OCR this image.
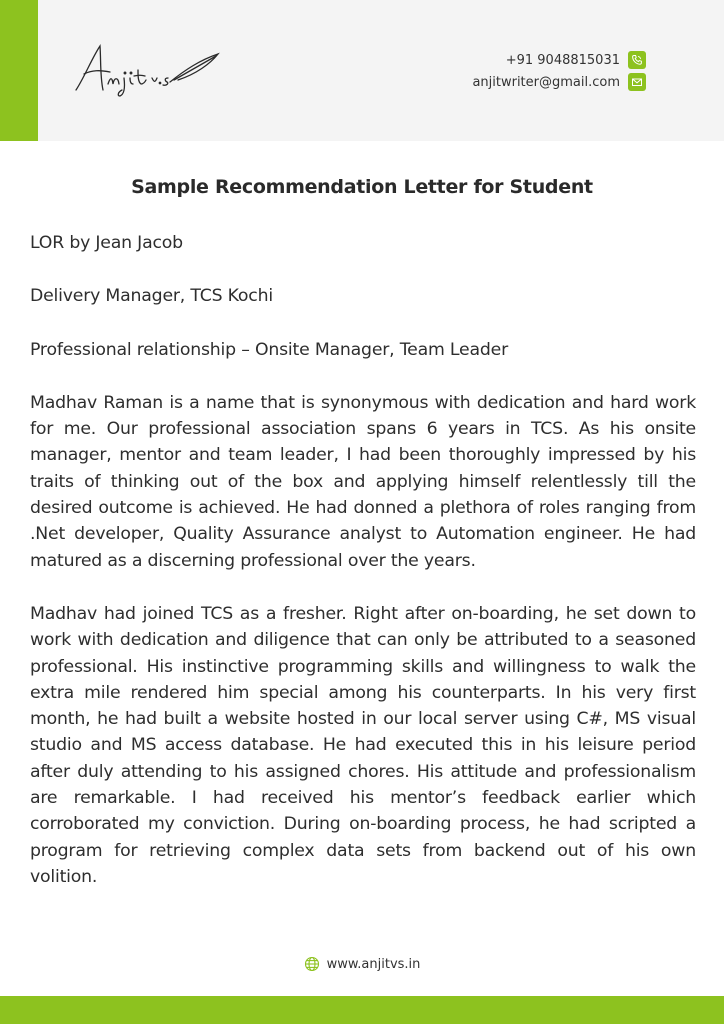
+91 9048815031
anjitwriter@gmail.com
Sample Recommendation Letter for Student

LOR by Jean Jacob

Delivery Manager, TCS Kochi

Professional relationship – Onsite Manager, Team Leader

Madhav Raman is a name that is synonymous with dedication and hard work for me. Our professional association spans 6 years in TCS. As his onsite manager, mentor and team leader, I had been thoroughly impressed by his traits of thinking out of the box and applying himself relentlessly till the desired outcome is achieved. He had donned a plethora of roles ranging from .Net developer, Quality Assurance analyst to Automation engineer. He had matured as a discerning professional over the years.

Madhav had joined TCS as a fresher. Right after on-boarding, he set down to work with dedication and diligence that can only be attributed to a seasoned professional. His instinctive programming skills and willingness to walk the extra mile rendered him special among his counterparts. In his very first month, he had built a website hosted in our local server using C#, MS visual studio and MS access database. He had executed this in his leisure period after duly attending to his assigned chores. His attitude and professionalism are remarkable. I had received his mentor’s feedback earlier which corroborated my conviction. During on-boarding process, he had scripted a program for retrieving complex data sets from backend out of his own volition.

www.anjitvs.in
